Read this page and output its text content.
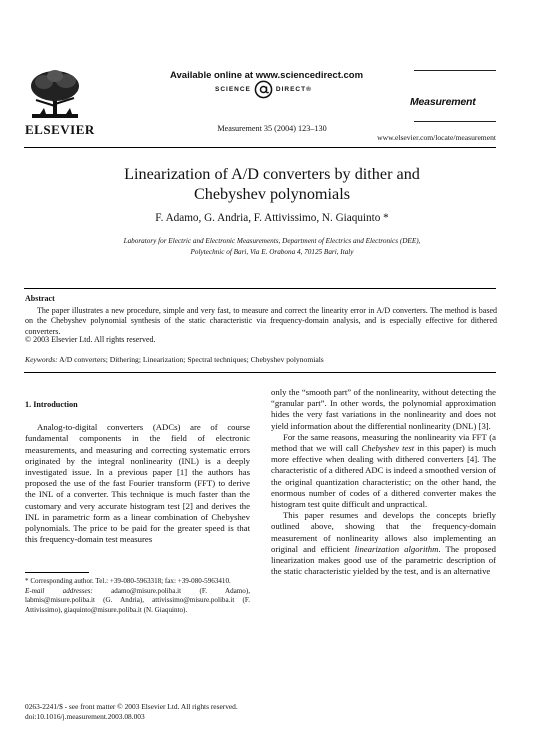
ELSEVIER
Available online at www.sciencedirect.com
SCIENCE	DIRECT®
Measurement 35 (2004) 123–130
Measurement
www.elsevier.com/locate/measurement
Linearization of A/D converters by dither and
Chebyshev polynomials
F. Adamo, G. Andria, F. Attivissimo, N. Giaquinto *
Laboratory for Electric and Electronic Measurements, Department of Electrics and Electronics (DEE),
Polytechnic of Bari, Via E. Orabona 4, 70125 Bari, Italy
Abstract
The paper illustrates a new procedure, simple and very fast, to measure and correct the linearity error in A/D converters. The method is based on the Chebyshev polynomial synthesis of the static characteristic via frequency-domain analysis, and is especially effective for dithered converters.
© 2003 Elsevier Ltd. All rights reserved.
Keywords: A/D converters; Dithering; Linearization; Spectral techniques; Chebyshev polynomials
1. Introduction

Analog-to-digital converters (ADCs) are of course fundamental components in the field of electronic measurements, and measuring and correcting systematic errors originated by the integral nonlinearity (INL) is a deeply investigated issue. In a previous paper [1] the authors has proposed the use of the fast Fourier transform (FFT) to derive the INL of a converter. This technique is much faster than the customary and very accurate histogram test [2] and derives the INL in parametric form as a linear combination of Chebyshev polynomials. The price to be paid for the greater speed is that this frequency-domain test measures

only the “smooth part” of the nonlinearity, without detecting the “granular part”. In other words, the polynomial approximation hides the very fast variations in the nonlinearity and does not yield information about the differential nonlinearity (DNL) [3].

For the same reasons, measuring the nonlinearity via FFT (a method that we will call Chebyshev test in this paper) is much more effective when dealing with dithered converters [4]. The characteristic of a dithered ADC is indeed a smoothed version of the original quantization characteristic; on the other hand, the enormous number of codes of a dithered converter makes the histogram test quite difficult and unpractical.

This paper resumes and develops the concepts briefly outlined above, showing that the frequency-domain measurement of nonlinearity allows also implementing an original and efficient linearization algorithm. The proposed linearization makes good use of the parametric description of the static characteristic yielded by the test, and is an alternative

* Corresponding author. Tel.: +39-080-5963318; fax: +39-080-5963410.
E-mail addresses: adamo@misure.poliba.it (F. Adamo), labmis@misure.poliba.it (G. Andria), attivissimo@misure.poliba.it (F. Attivissimo), giaquinto@misure.poliba.it (N. Giaquinto).
0263-2241/$ - see front matter © 2003 Elsevier Ltd. All rights reserved.
doi:10.1016/j.measurement.2003.08.003
